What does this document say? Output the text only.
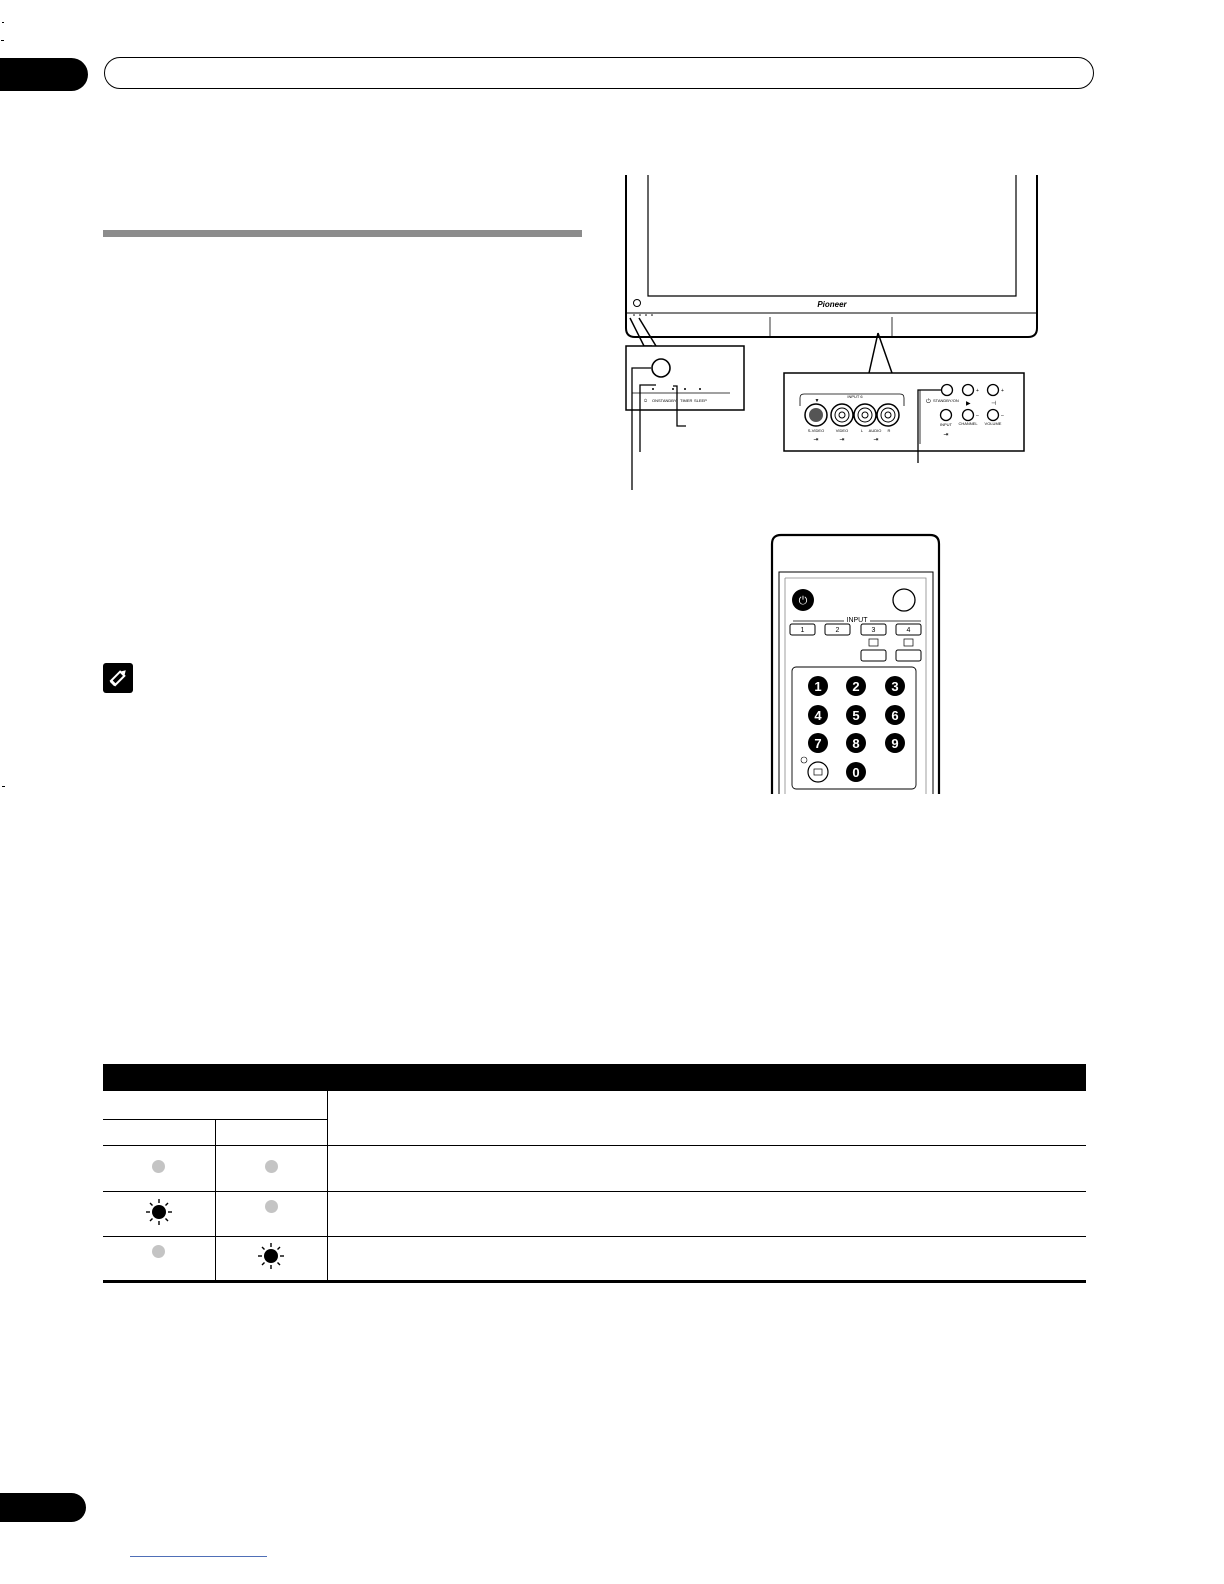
Pioneer
⏻ ON STANDBY TIMER SLEEP
INPUT 6
▼
S-VIDEO	VIDEO	L AUDIO R
⇥	⇥	⇥
⏻ STANDBY/ON
+	+
▶	⊣
–	–
INPUT CHANNEL VOLUME
⇥
⏻
INPUT
1	2	3	4
1 2 3
4 5 6
7 8 9
0
